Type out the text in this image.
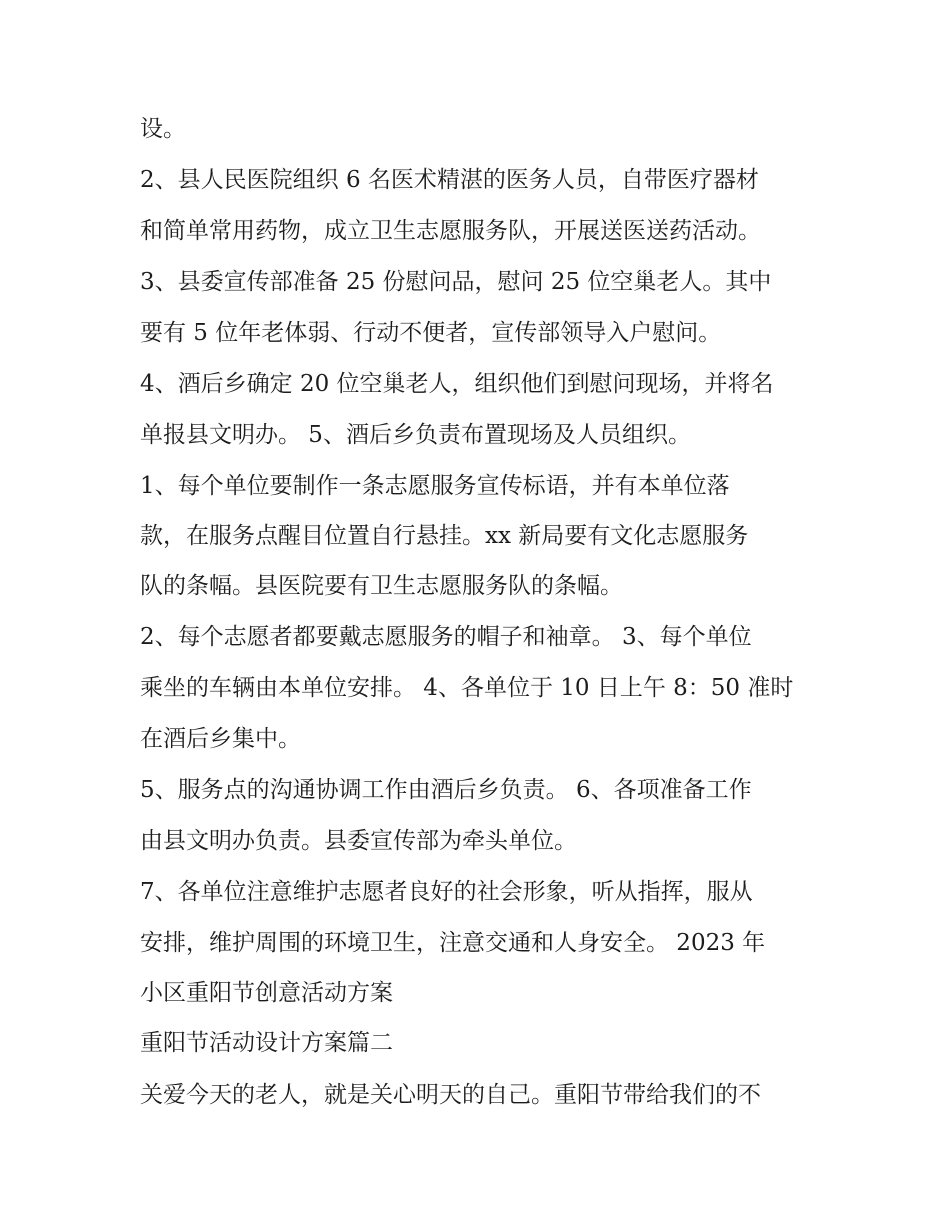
设。
2、县人民医院组织 6 名医术精湛的医务人员，自带医疗器材
和简单常用药物，成立卫生志愿服务队，开展送医送药活动。
3、县委宣传部准备 25 份慰问品，慰问 25 位空巢老人。其中
要有 5 位年老体弱、行动不便者，宣传部领导入户慰问。
4、酒后乡确定 20 位空巢老人，组织他们到慰问现场，并将名
单报县文明办。 5、酒后乡负责布置现场及人员组织。
1、每个单位要制作一条志愿服务宣传标语，并有本单位落
款，在服务点醒目位置自行悬挂。xx 新局要有文化志愿服务
队的条幅。县医院要有卫生志愿服务队的条幅。
2、每个志愿者都要戴志愿服务的帽子和袖章。 3、每个单位
乘坐的车辆由本单位安排。 4、各单位于 10 日上午 8：50 准时
在酒后乡集中。
5、服务点的沟通协调工作由酒后乡负责。 6、各项准备工作
由县文明办负责。县委宣传部为牵头单位。
7、各单位注意维护志愿者良好的社会形象，听从指挥，服从
安排，维护周围的环境卫生，注意交通和人身安全。 2023 年
小区重阳节创意活动方案
重阳节活动设计方案篇二
关爱今天的老人，就是关心明天的自己。重阳节带给我们的不
